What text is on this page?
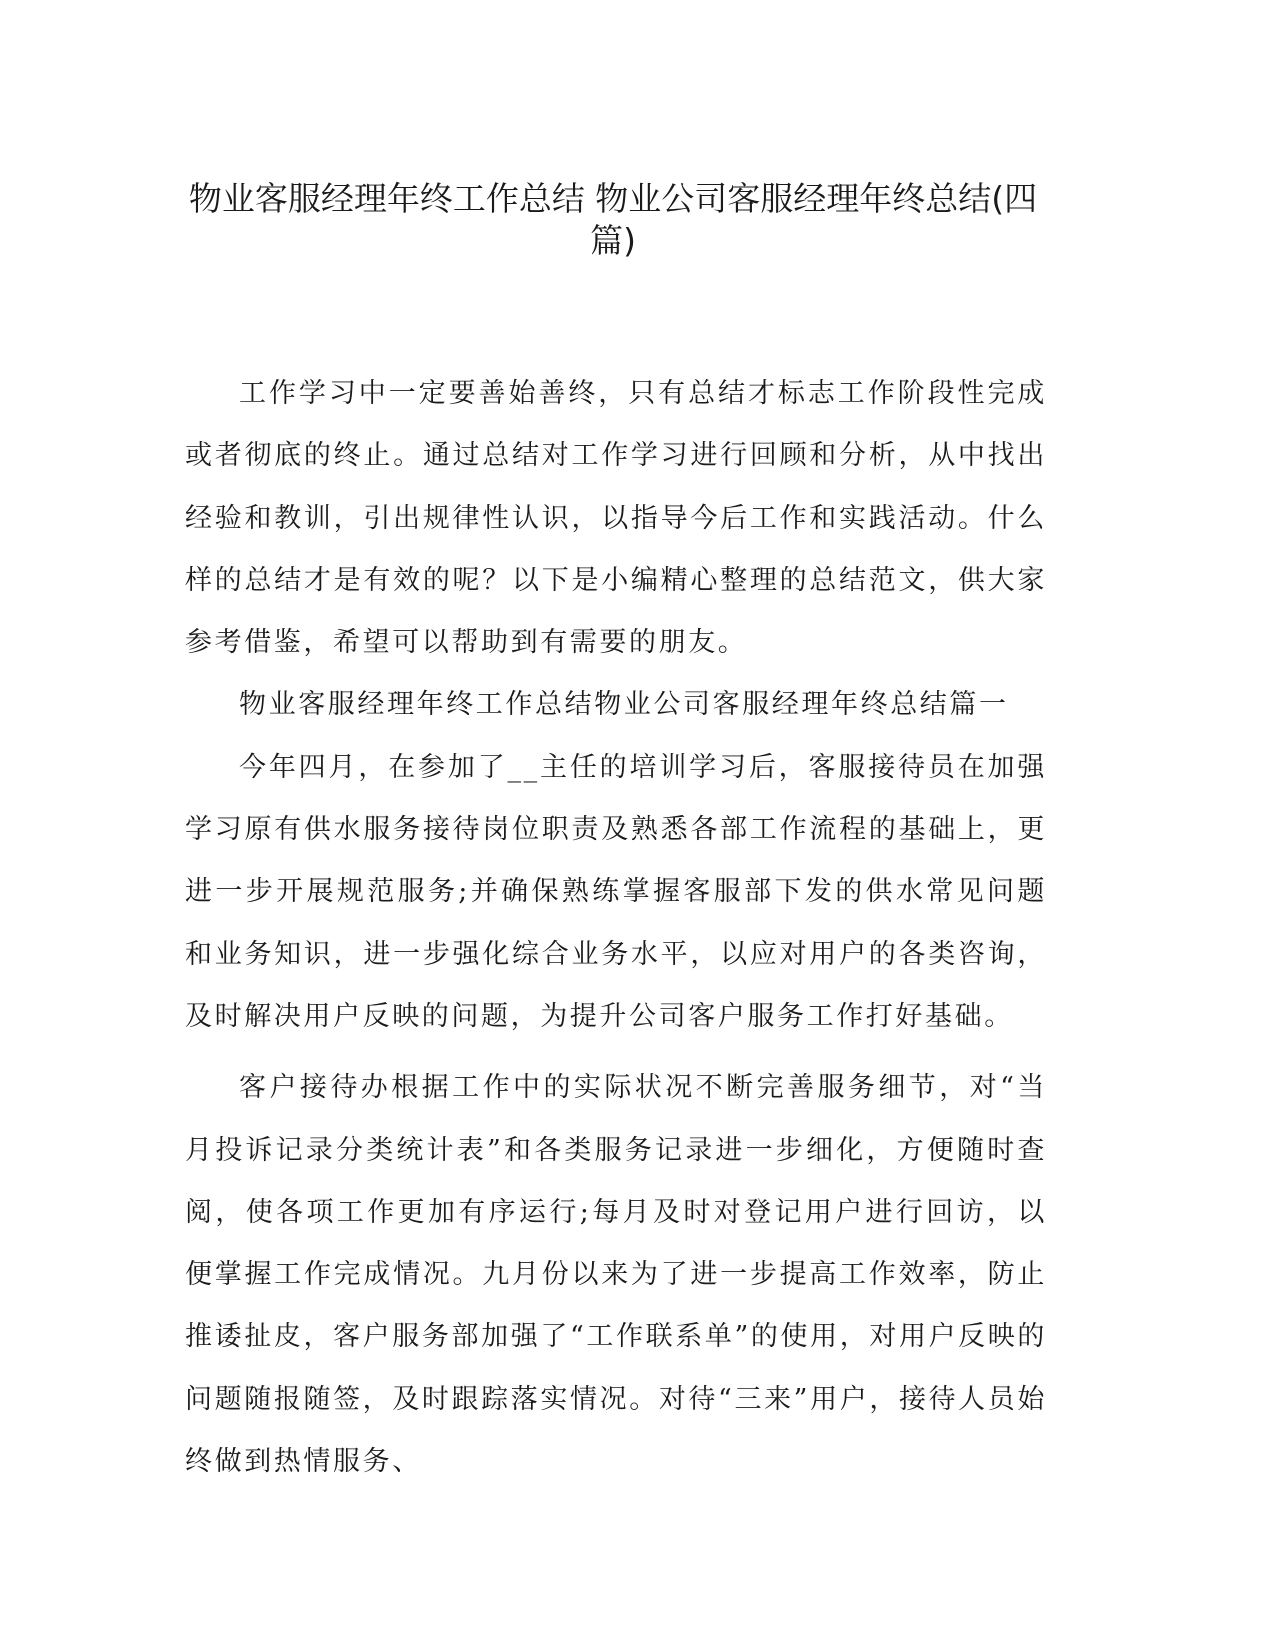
物业客服经理年终工作总结 物业公司客服经理年终总结(四篇)

工作学习中一定要善始善终，只有总结才标志工作阶段性完成或者彻底的终止。通过总结对工作学习进行回顾和分析，从中找出经验和教训，引出规律性认识，以指导今后工作和实践活动。什么样的总结才是有效的呢？以下是小编精心整理的总结范文，供大家参考借鉴，希望可以帮助到有需要的朋友。

物业客服经理年终工作总结物业公司客服经理年终总结篇一

今年四月，在参加了__主任的培训学习后，客服接待员在加强学习原有供水服务接待岗位职责及熟悉各部工作流程的基础上，更进一步开展规范服务;并确保熟练掌握客服部下发的供水常见问题和业务知识，进一步强化综合业务水平，以应对用户的各类咨询，及时解决用户反映的问题，为提升公司客户服务工作打好基础。

客户接待办根据工作中的实际状况不断完善服务细节，对“当月投诉记录分类统计表”和各类服务记录进一步细化，方便随时查阅，使各项工作更加有序运行;每月及时对登记用户进行回访，以便掌握工作完成情况。九月份以来为了进一步提高工作效率，防止推诿扯皮，客户服务部加强了“工作联系单”的使用，对用户反映的问题随报随签，及时跟踪落实情况。对待“三来”用户，接待人员始终做到热情服务、
